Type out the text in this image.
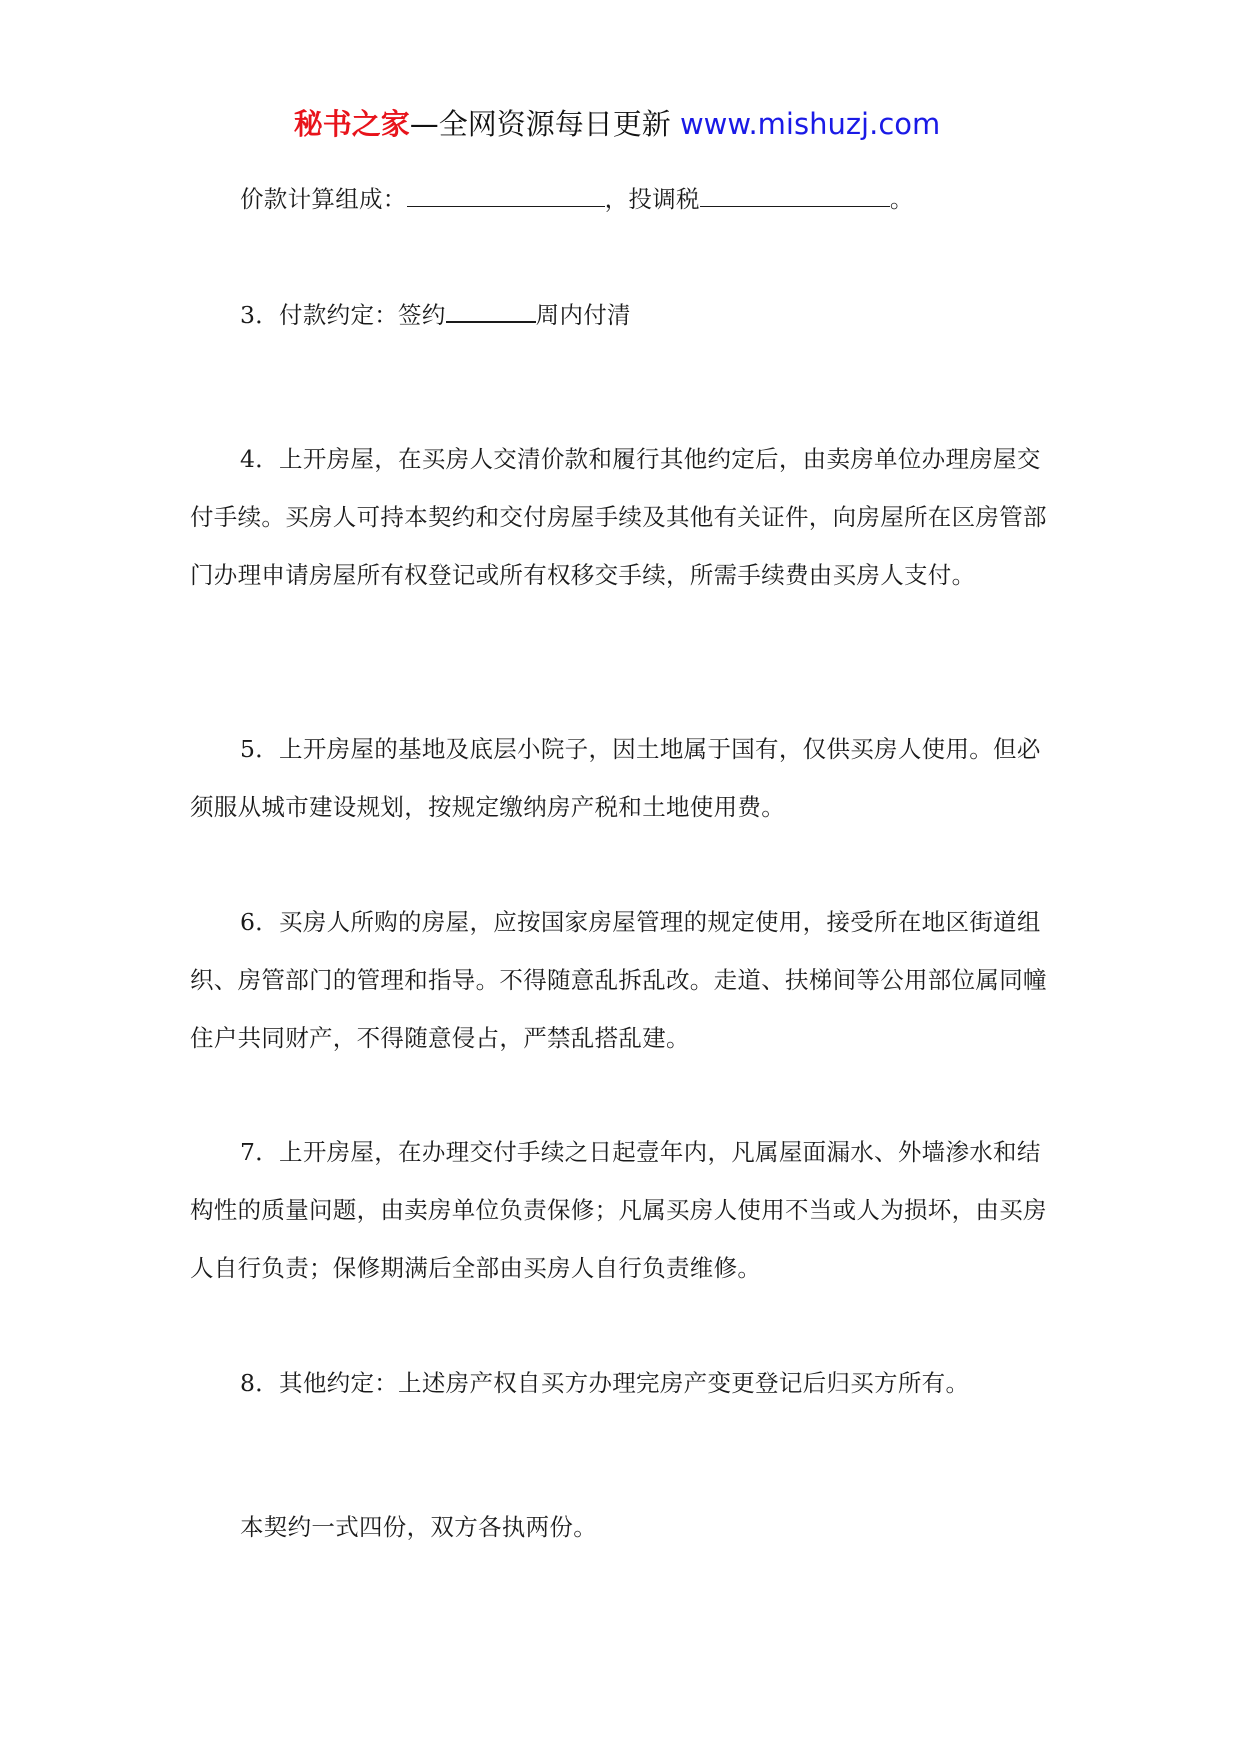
秘书之家—全网资源每日更新 www.mishuzj.com
价款计算组成：	，投调税	。
3．付款约定：签约	周内付清

4．上开房屋，在买房人交清价款和履行其他约定后，由卖房单位办理房屋交付手续。买房人可持本契约和交付房屋手续及其他有关证件，向房屋所在区房管部门办理申请房屋所有权登记或所有权移交手续，所需手续费由买房人支付。

5．上开房屋的基地及底层小院子，因土地属于国有，仅供买房人使用。但必须服从城市建设规划，按规定缴纳房产税和土地使用费。

6．买房人所购的房屋，应按国家房屋管理的规定使用，接受所在地区街道组织、房管部门的管理和指导。不得随意乱拆乱改。走道、扶梯间等公用部位属同幢住户共同财产，不得随意侵占，严禁乱搭乱建。

7．上开房屋，在办理交付手续之日起壹年内，凡属屋面漏水、外墙渗水和结构性的质量问题，由卖房单位负责保修；凡属买房人使用不当或人为损坏，由买房人自行负责；保修期满后全部由买房人自行负责维修。

8．其他约定：上述房产权自买方办理完房产变更登记后归买方所有。

本契约一式四份，双方各执两份。
